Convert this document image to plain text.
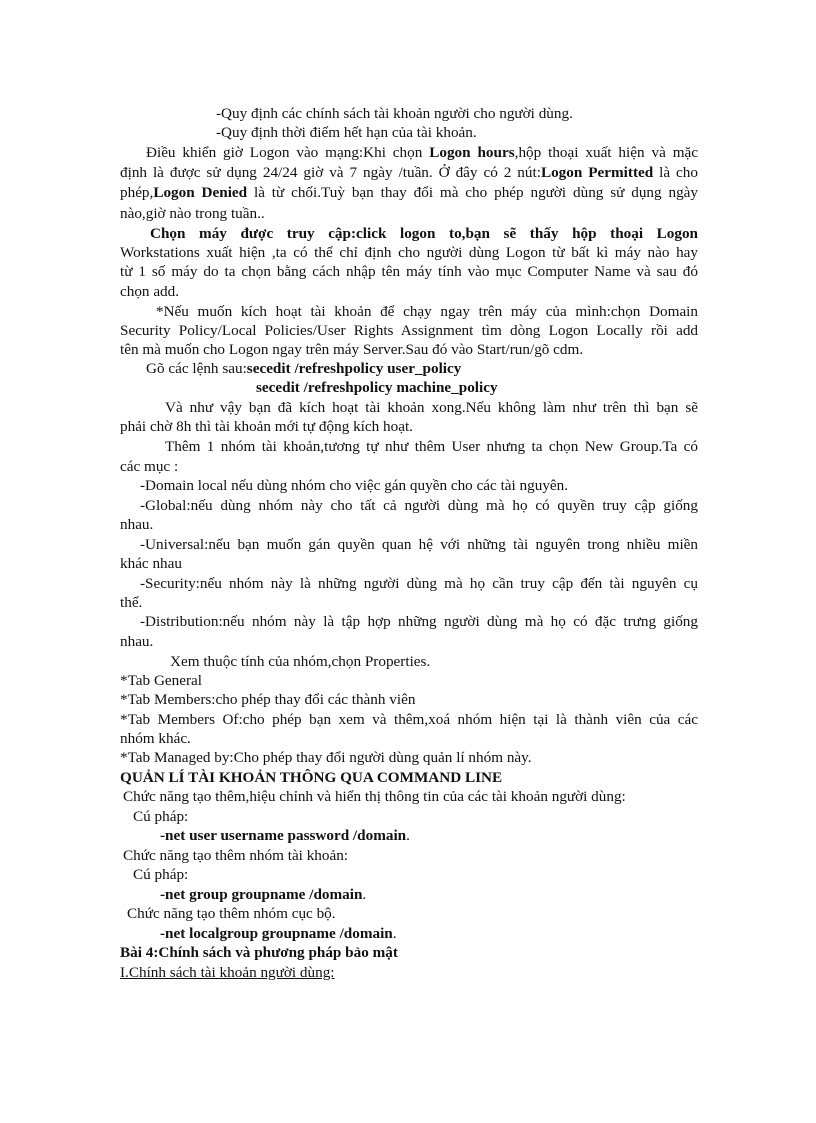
-Quy định các chính sách tài khoản người cho người dùng.
-Quy định thời điểm hết hạn của tài khoản.
Điều khiển giờ Logon vào mạng:Khi chọn Logon hours,hộp thoại xuất hiện và mặc
định là được sử dụng 24/24 giờ và 7 ngày /tuần. Ở đây có 2 nút:Logon Permitted là cho
phép,Logon Denied là từ chối.Tuỳ bạn thay đổi mà cho phép người dùng sử dụng ngày
nào,giờ nào trong tuần..
Chọn máy được truy cập:click logon to,bạn sẽ thấy hộp thoại Logon
Workstations xuất hiện ,ta có thể chỉ định cho người dùng Logon từ bất kì máy nào hay
từ 1 số máy do ta chọn bằng cách nhập tên máy tính vào mục Computer Name và sau đó
chọn add.
*Nếu muốn kích hoạt tài khoản để chạy ngay trên máy của mình:chọn Domain
Security Policy/Local Policies/User Rights Assignment tìm dòng Logon Locally rồi add
tên mà muốn cho Logon ngay trên máy Server.Sau đó vào Start/run/gõ cdm.
Gõ các lệnh sau:secedit /refreshpolicy user_policy
secedit /refreshpolicy machine_policy
Và như vậy bạn đã kích hoạt tài khoản xong.Nếu không làm như trên thì bạn sẽ
phải chờ 8h thì tài khoản mới tự động kích hoạt.
Thêm 1 nhóm tài khoản,tương tự như thêm User nhưng ta chọn New Group.Ta có
các mục :
-Domain local nếu dùng nhóm cho việc gán quyền cho các tài nguyên.
-Global:nếu dùng nhóm này cho tất cả người dùng mà họ có quyền truy cập giống
nhau.
-Universal:nếu bạn muốn gán quyền quan hệ với những tài nguyên trong nhiều miền
khác nhau
-Security:nếu nhóm này là những người dùng mà họ cần truy cập đến tài nguyên cụ
thể.
-Distribution:nếu nhóm này là tập hợp những người dùng mà họ có đặc trưng giống
nhau.
Xem thuộc tính của nhóm,chọn Properties.
*Tab General
*Tab Members:cho phép thay đổi các thành viên
*Tab Members Of:cho phép bạn xem và thêm,xoá nhóm hiện tại là thành viên của các
nhóm khác.
*Tab Managed by:Cho phép thay đổi người dùng quản lí nhóm này.
QUẢN LÍ TÀI KHOẢN THÔNG QUA COMMAND LINE
Chức năng tạo thêm,hiệu chỉnh và hiển thị thông tin của các tài khoản người dùng:
Cú pháp:
-net user username password /domain.
Chức năng tạo thêm nhóm tài khoản:
Cú pháp:
-net group groupname /domain.
Chức năng tạo thêm nhóm cục bộ.
-net localgroup groupname /domain.
Bài 4:Chính sách và phương pháp bảo mật
I.Chính sách tài khoản người dùng:
